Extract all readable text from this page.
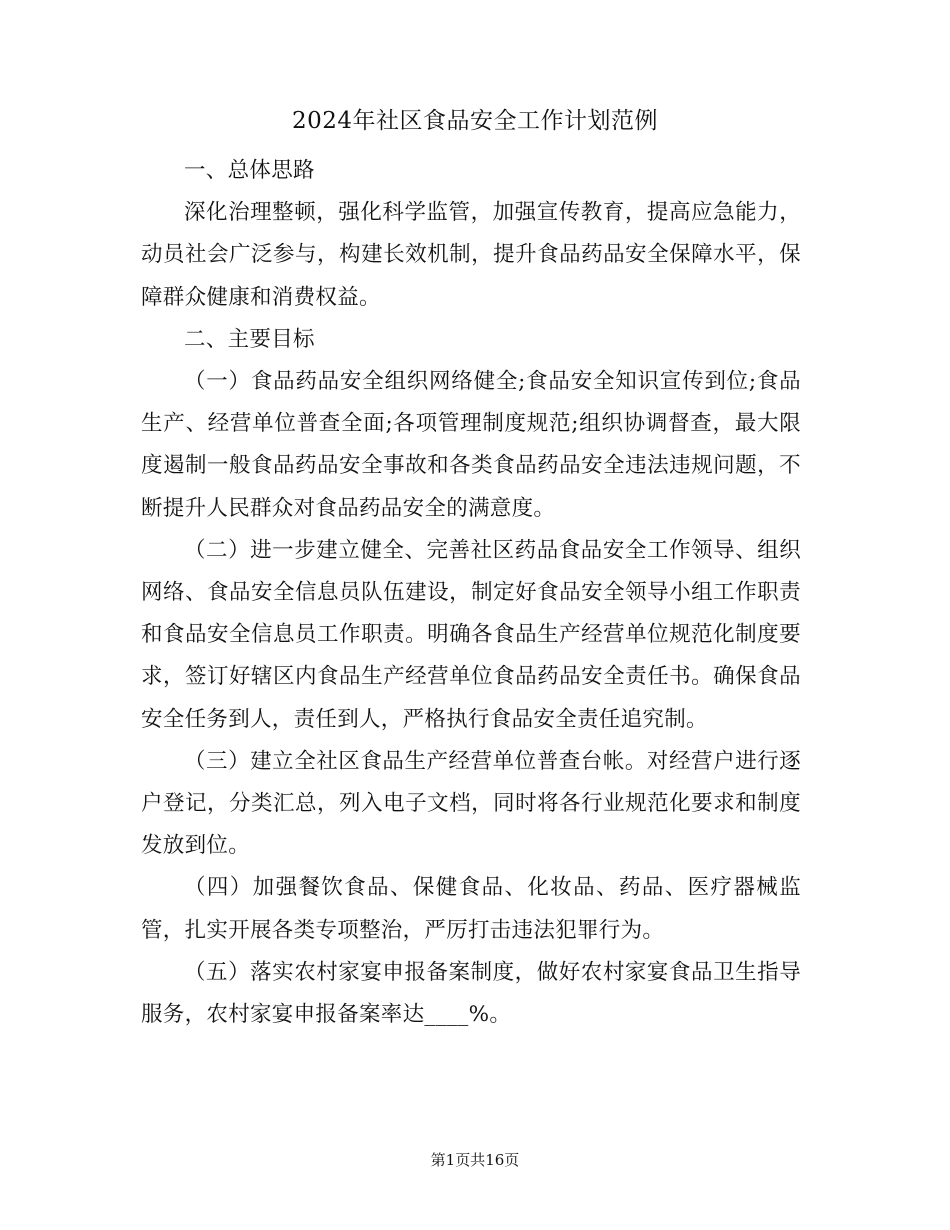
2024年社区食品安全工作计划范例

一、总体思路

深化治理整顿，强化科学监管，加强宣传教育，提高应急能力，动员社会广泛参与，构建长效机制，提升食品药品安全保障水平，保障群众健康和消费权益。

二、主要目标

（一）食品药品安全组织网络健全;食品安全知识宣传到位;食品生产、经营单位普查全面;各项管理制度规范;组织协调督查，最大限度遏制一般食品药品安全事故和各类食品药品安全违法违规问题，不断提升人民群众对食品药品安全的满意度。

（二）进一步建立健全、完善社区药品食品安全工作领导、组织网络、食品安全信息员队伍建设，制定好食品安全领导小组工作职责和食品安全信息员工作职责。明确各食品生产经营单位规范化制度要求，签订好辖区内食品生产经营单位食品药品安全责任书。确保食品安全任务到人，责任到人，严格执行食品安全责任追究制。

（三）建立全社区食品生产经营单位普查台帐。对经营户进行逐户登记，分类汇总，列入电子文档，同时将各行业规范化要求和制度发放到位。

（四）加强餐饮食品、保健食品、化妆品、药品、医疗器械监管，扎实开展各类专项整治，严厉打击违法犯罪行为。

（五）落实农村家宴申报备案制度，做好农村家宴食品卫生指导服务，农村家宴申报备案率达____%。

第1页共16页
